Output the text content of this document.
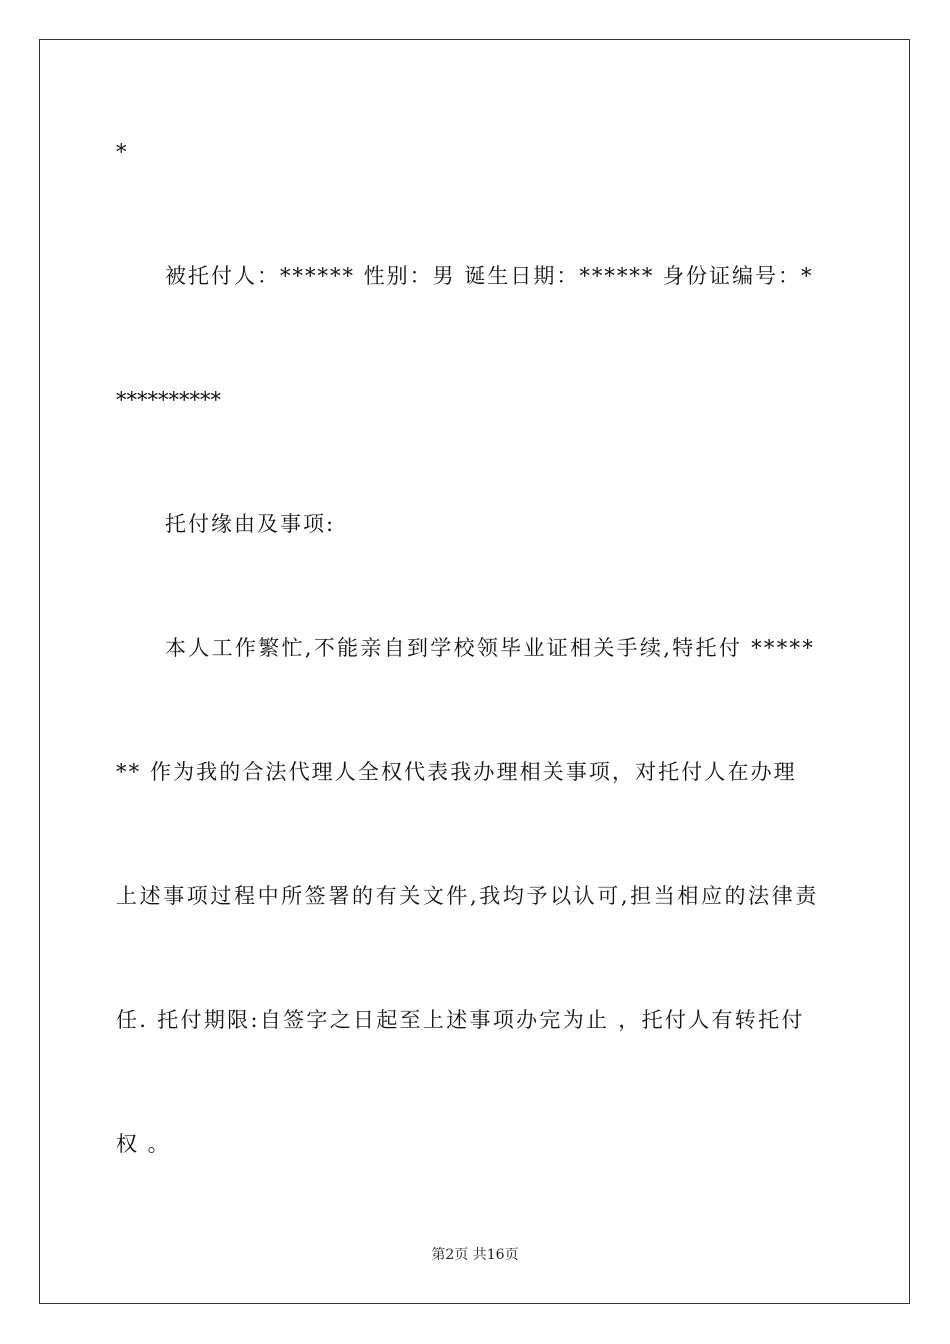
*
被托付人：****** 性别：男 诞生日期：****** 身份证编号：*
**********
托付缘由及事项:
本人工作繁忙,不能亲自到学校领毕业证相关手续,特托付 *****
** 作为我的合法代理人全权代表我办理相关事项，对托付人在办理
上述事项过程中所签署的有关文件,我均予以认可,担当相应的法律责
任. 托付期限:自签字之日起至上述事项办完为止 ，托付人有转托付
权 。
第2页 共16页
